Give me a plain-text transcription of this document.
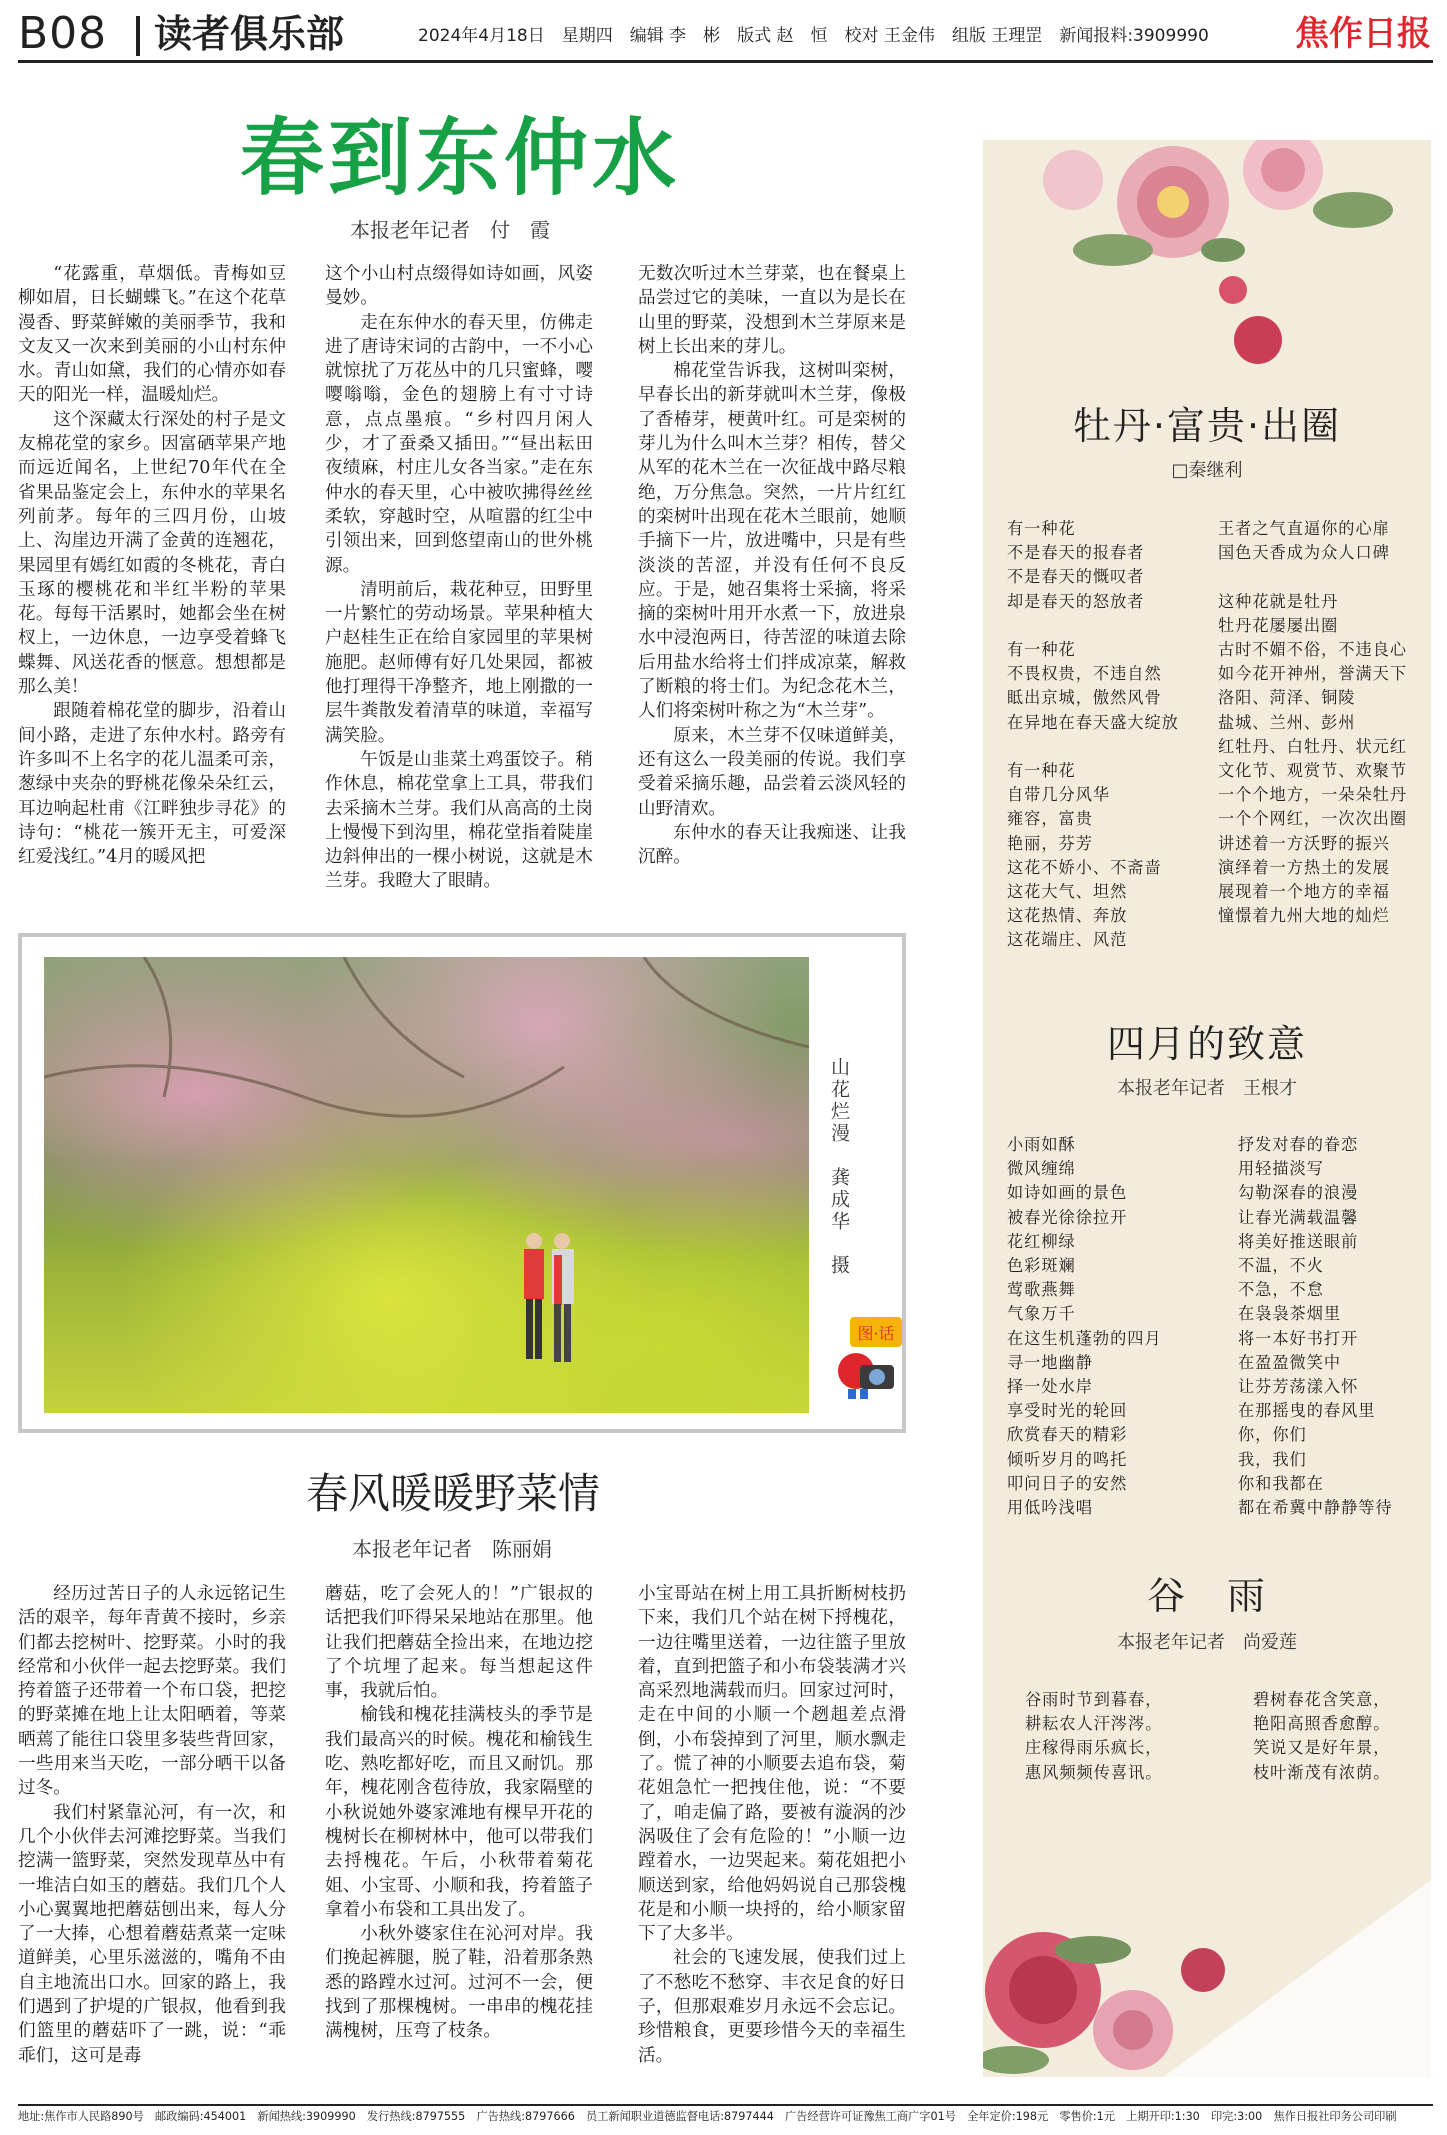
B08 读者俱乐部	2024年4月18日　星期四　编辑 李　彬　版式 赵　恒　校对 王金伟　组版 王理罡　新闻报料:3909990	焦作日报
春到东仲水
本报老年记者　付　霞

“花露重，草烟低。青梅如豆柳如眉，日长蝴蝶飞。”在这个花草漫香、野菜鲜嫩的美丽季节，我和文友又一次来到美丽的小山村东仲水。青山如黛，我们的心情亦如春天的阳光一样，温暖灿烂。

这个深藏太行深处的村子是文友棉花堂的家乡。因富硒苹果产地而远近闻名，上世纪70年代在全省果品鉴定会上，东仲水的苹果名列前茅。每年的三四月份，山坡上、沟崖边开满了金黄的连翘花，果园里有嫣红如霞的冬桃花，青白玉琢的樱桃花和半红半粉的苹果花。每每干活累时，她都会坐在树杈上，一边休息，一边享受着蜂飞蝶舞、风送花香的惬意。想想都是那么美！

跟随着棉花堂的脚步，沿着山间小路，走进了东仲水村。路旁有许多叫不上名字的花儿温柔可亲，葱绿中夹杂的野桃花像朵朵红云，耳边响起杜甫《江畔独步寻花》的诗句：“桃花一簇开无主，可爱深红爱浅红。”4月的暖风把

这个小山村点缀得如诗如画，风姿曼妙。

走在东仲水的春天里，仿佛走进了唐诗宋词的古韵中，一不小心就惊扰了万花丛中的几只蜜蜂，嘤嘤嗡嗡，金色的翅膀上有寸寸诗意，点点墨痕。“乡村四月闲人少，才了蚕桑又插田。”“昼出耘田夜绩麻，村庄儿女各当家。”走在东仲水的春天里，心中被吹拂得丝丝柔软，穿越时空，从喧嚣的红尘中引领出来，回到悠望南山的世外桃源。

清明前后，栽花种豆，田野里一片繁忙的劳动场景。苹果种植大户赵桂生正在给自家园里的苹果树施肥。赵师傅有好几处果园，都被他打理得干净整齐，地上刚撒的一层牛粪散发着清草的味道，幸福写满笑脸。

午饭是山韭菜土鸡蛋饺子。稍作休息，棉花堂拿上工具，带我们去采摘木兰芽。我们从高高的土岗上慢慢下到沟里，棉花堂指着陡崖边斜伸出的一棵小树说，这就是木兰芽。我瞪大了眼睛。

无数次听过木兰芽菜，也在餐桌上品尝过它的美味，一直以为是长在山里的野菜，没想到木兰芽原来是树上长出来的芽儿。

棉花堂告诉我，这树叫栾树，早春长出的新芽就叫木兰芽，像极了香椿芽，梗黄叶红。可是栾树的芽儿为什么叫木兰芽？相传，替父从军的花木兰在一次征战中路尽粮绝，万分焦急。突然，一片片红红的栾树叶出现在花木兰眼前，她顺手摘下一片，放进嘴中，只是有些淡淡的苦涩，并没有任何不良反应。于是，她召集将士采摘，将采摘的栾树叶用开水煮一下，放进泉水中浸泡两日，待苦涩的味道去除后用盐水给将士们拌成凉菜，解救了断粮的将士们。为纪念花木兰，人们将栾树叶称之为“木兰芽”。

原来，木兰芽不仅味道鲜美，还有这么一段美丽的传说。我们享受着采摘乐趣，品尝着云淡风轻的山野清欢。

东仲水的春天让我痴迷、让我沉醉。

山花烂漫　龚成华　摄
图·话
春风暖暖野菜情
本报老年记者　陈丽娟

经历过苦日子的人永远铭记生活的艰辛，每年青黄不接时，乡亲们都去挖树叶、挖野菜。小时的我经常和小伙伴一起去挖野菜。我们挎着篮子还带着一个布口袋，把挖的野菜摊在地上让太阳晒着，等菜晒蔫了能往口袋里多装些背回家，一些用来当天吃，一部分晒干以备过冬。

我们村紧靠沁河，有一次，和几个小伙伴去河滩挖野菜。当我们挖满一篮野菜，突然发现草丛中有一堆洁白如玉的蘑菇。我们几个人小心翼翼地把蘑菇刨出来，每人分了一大捧，心想着蘑菇煮菜一定味道鲜美，心里乐滋滋的，嘴角不由自主地流出口水。回家的路上，我们遇到了护堤的广银叔，他看到我们篮里的蘑菇吓了一跳，说：“乖乖们，这可是毒

蘑菇，吃了会死人的！”广银叔的话把我们吓得呆呆地站在那里。他让我们把蘑菇全捡出来，在地边挖了个坑埋了起来。每当想起这件事，我就后怕。

榆钱和槐花挂满枝头的季节是我们最高兴的时候。槐花和榆钱生吃、熟吃都好吃，而且又耐饥。那年，槐花刚含苞待放，我家隔壁的小秋说她外婆家滩地有棵早开花的槐树长在柳树林中，他可以带我们去捋槐花。午后，小秋带着菊花姐、小宝哥、小顺和我，挎着篮子拿着小布袋和工具出发了。

小秋外婆家住在沁河对岸。我们挽起裤腿，脱了鞋，沿着那条熟悉的路蹚水过河。过河不一会，便找到了那棵槐树。一串串的槐花挂满槐树，压弯了枝条。

小宝哥站在树上用工具折断树枝扔下来，我们几个站在树下捋槐花，一边往嘴里送着，一边往篮子里放着，直到把篮子和小布袋装满才兴高采烈地满载而归。回家过河时，走在中间的小顺一个趔趄差点滑倒，小布袋掉到了河里，顺水飘走了。慌了神的小顺要去追布袋，菊花姐急忙一把拽住他，说：“不要了，咱走偏了路，要被有漩涡的沙涡吸住了会有危险的！”小顺一边蹚着水，一边哭起来。菊花姐把小顺送到家，给他妈妈说自己那袋槐花是和小顺一块捋的，给小顺家留下了大多半。

社会的飞速发展，使我们过上了不愁吃不愁穿、丰衣足食的好日子，但那艰难岁月永远不会忘记。珍惜粮食，更要珍惜今天的幸福生活。

牡丹·富贵·出圈
□秦继利
有一种花
不是春天的报春者
不是春天的慨叹者
却是春天的怒放者

有一种花
不畏权贵，不违自然
眡出京城，傲然风骨
在异地在春天盛大绽放

有一种花
自带几分风华
雍容，富贵
艳丽，芬芳
这花不娇小、不斋啬
这花大气、坦然
这花热情、奔放
这花端庄、风范
王者之气直逼你的心扉
国色天香成为众人口碑

这种花就是牡丹
牡丹花屡屡出圈
古时不媚不俗，不违良心
如今花开神州，誉满天下
洛阳、菏泽、铜陵
盐城、兰州、彭州
红牡丹、白牡丹、状元红
文化节、观赏节、欢聚节
一个个地方，一朵朵牡丹
一个个网红，一次次出圈
讲述着一方沃野的振兴
演绎着一方热土的发展
展现着一个地方的幸福
憧憬着九州大地的灿烂
四月的致意
本报老年记者　王根才
小雨如酥
微风缠绵
如诗如画的景色
被春光徐徐拉开
花红柳绿
色彩斑斓
莺歌燕舞
气象万千
在这生机蓬勃的四月
寻一地幽静
择一处水岸
享受时光的轮回
欣赏春天的精彩
倾听岁月的鸣托
叩问日子的安然
用低吟浅唱
抒发对春的眷恋
用轻描淡写
勾勒深春的浪漫
让春光满载温馨
将美好推送眼前
不温，不火
不急，不怠
在袅袅茶烟里
将一本好书打开
在盈盈微笑中
让芬芳荡漾入怀
在那摇曳的春风里
你，你们
我，我们
你和我都在
都在希冀中静静等待
谷　雨
本报老年记者　尚爱莲
谷雨时节到暮春，
耕耘农人汗涔涔。
庄稼得雨乐疯长，
惠风频频传喜讯。
碧树春花含笑意，
艳阳高照香愈醇。
笑说又是好年景，
枝叶渐茂有浓荫。
地址:焦作市人民路890号　邮政编码:454001　新闻热线:3909990　发行热线:8797555　广告热线:8797666　员工新闻职业道德监督电话:8797444　广告经营许可证豫焦工商广字01号　全年定价:198元　零售价:1元　上期开印:1:30　印完:3:00　焦作日报社印务公司印刷
